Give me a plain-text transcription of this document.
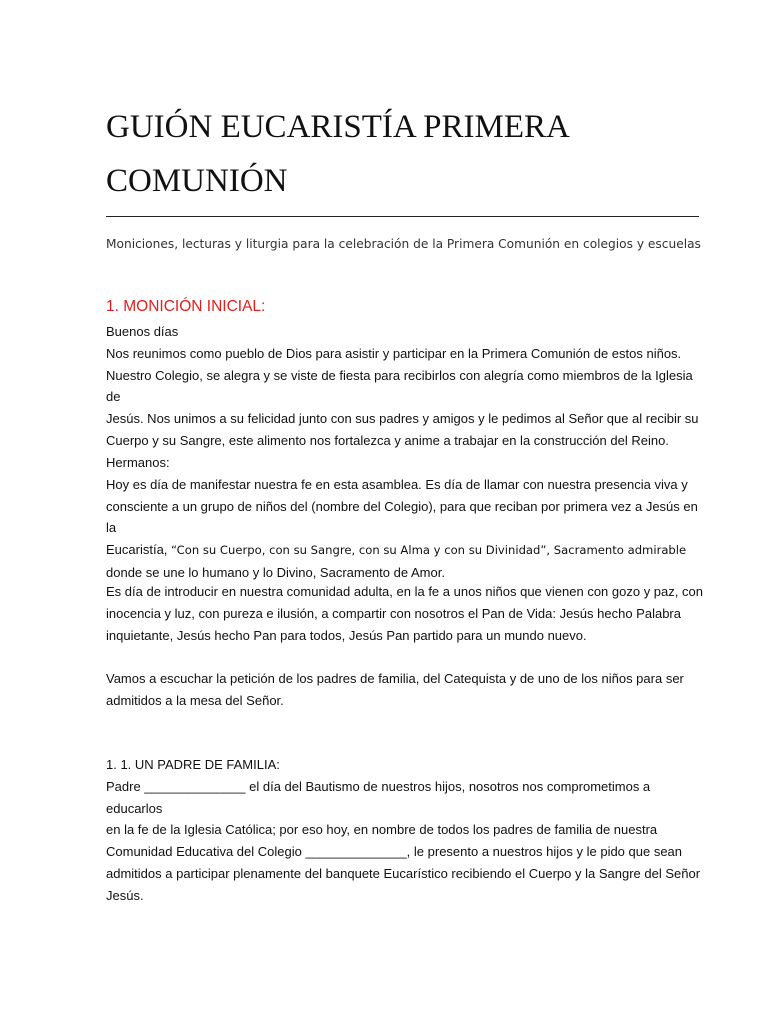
GUIÓN EUCARISTÍA PRIMERA
COMUNIÓN

Moniciones, lecturas y liturgia para la celebración de la Primera Comunión en colegios y escuelas

1. MONICIÓN INICIAL:
Buenos días
Nos reunimos como pueblo de Dios para asistir y participar en la Primera Comunión de estos niños.
Nuestro Colegio, se alegra y se viste de fiesta para recibirlos con alegría como miembros de la Iglesia de
Jesús. Nos unimos a su felicidad junto con sus padres y amigos y le pedimos al Señor que al recibir su
Cuerpo y su Sangre, este alimento nos fortalezca y anime a trabajar en la construcción del Reino.
Hermanos:
Hoy es día de manifestar nuestra fe en esta asamblea. Es día de llamar con nuestra presencia viva y
consciente a un grupo de niños del (nombre del Colegio), para que reciban por primera vez a Jesús en la
Eucaristía, “Con su Cuerpo, con su Sangre, con su Alma y con su Divinidad”, Sacramento admirable
donde se une lo humano y lo Divino, Sacramento de Amor.
Es día de introducir en nuestra comunidad adulta, en la fe a unos niños que vienen con gozo y paz, con
inocencia y luz, con pureza e ilusión, a compartir con nosotros el Pan de Vida: Jesús hecho Palabra
inquietante, Jesús hecho Pan para todos, Jesús Pan partido para un mundo nuevo.
Vamos a escuchar la petición de los padres de familia, del Catequista y de uno de los niños para ser
admitidos a la mesa del Señor.
1. 1. UN PADRE DE FAMILIA:
Padre ______________ el día del Bautismo de nuestros hijos, nosotros nos comprometimos a educarlos
en la fe de la Iglesia Católica; por eso hoy, en nombre de todos los padres de familia de nuestra
Comunidad Educativa del Colegio ______________, le presento a nuestros hijos y le pido que sean
admitidos a participar plenamente del banquete Eucarístico recibiendo el Cuerpo y la Sangre del Señor
Jesús.
